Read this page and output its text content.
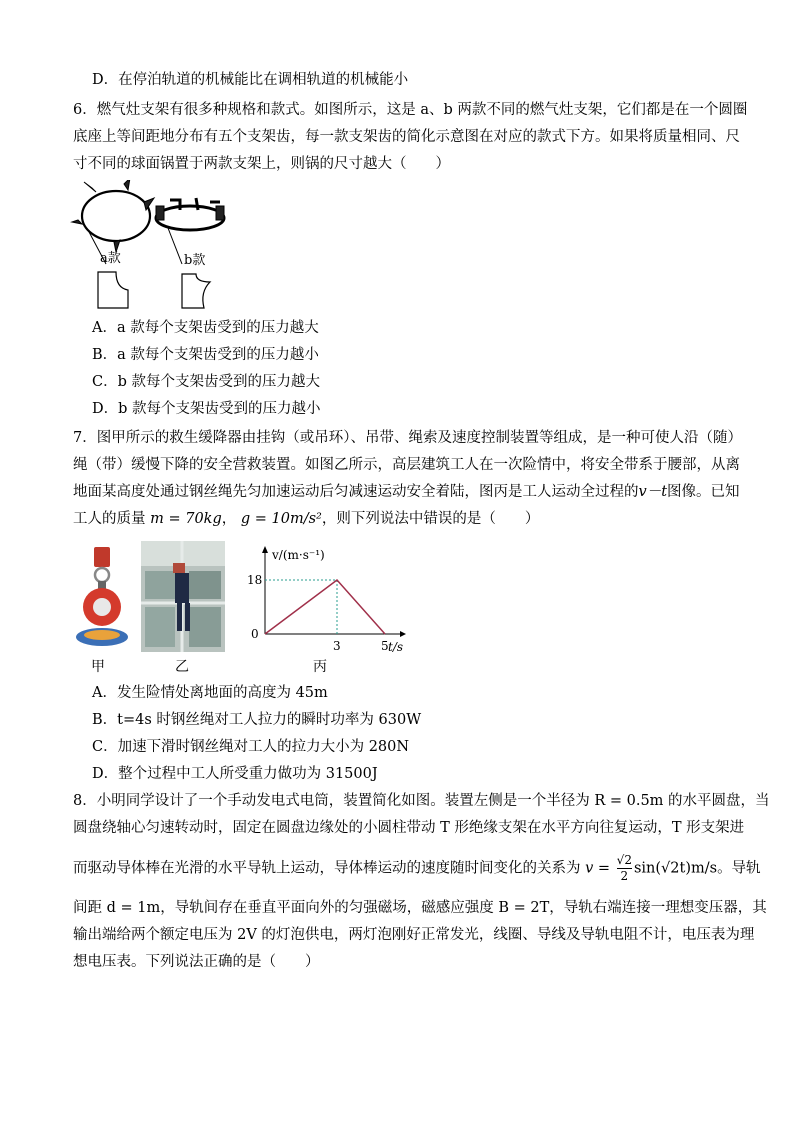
D．在停泊轨道的机械能比在调相轨道的机械能小
6．燃气灶支架有很多种规格和款式。如图所示，这是 a、b 两款不同的燃气灶支架，它们都是在一个圆圈
底座上等间距地分布有五个支架齿，每一款支架齿的简化示意图在对应的款式下方。如果将质量相同、尺
寸不同的球面锅置于两款支架上，则锅的尺寸越大（　　）
a款	b款
A．a 款每个支架齿受到的压力越大
B．a 款每个支架齿受到的压力越小
C．b 款每个支架齿受到的压力越大
D．b 款每个支架齿受到的压力越小
7．图甲所示的救生缓降器由挂钩（或吊环）、吊带、绳索及速度控制装置等组成，是一种可使人沿（随）
绳（带）缓慢下降的安全营救装置。如图乙所示，高层建筑工人在一次险情中，将安全带系于腰部，从离
地面某高度处通过钢丝绳先匀加速运动后匀减速运动安全着陆，图丙是工人运动全过程的v－t图像。已知
工人的质量 m = 70kg， g = 10m/s²，则下列说法中错误的是（　　）
v/(m·s⁻¹)
t/s
0
18
3	5
甲	乙	丙
A．发生险情处离地面的高度为 45m
B．t=4s 时钢丝绳对工人拉力的瞬时功率为 630W
C．加速下滑时钢丝绳对工人的拉力大小为 280N
D．整个过程中工人所受重力做功为 31500J
8．小明同学设计了一个手动发电式电筒，装置简化如图。装置左侧是一个半径为 R = 0.5m 的水平圆盘，当
圆盘绕轴心匀速转动时，固定在圆盘边缘处的小圆柱带动 T 形绝缘支架在水平方向往复运动，T 形支架进
而驱动导体棒在光滑的水平导轨上运动，导体棒运动的速度随时间变化的关系为 $v = \frac{√2}{2} \sin(√2t)m/s$。导轨
间距 d = 1m，导轨间存在垂直平面向外的匀强磁场，磁感应强度 B = 2T，导轨右端连接一理想变压器，其
输出端给两个额定电压为 2V 的灯泡供电，两灯泡刚好正常发光，线圈、导线及导轨电阻不计，电压表为理
想电压表。下列说法正确的是（　　）
